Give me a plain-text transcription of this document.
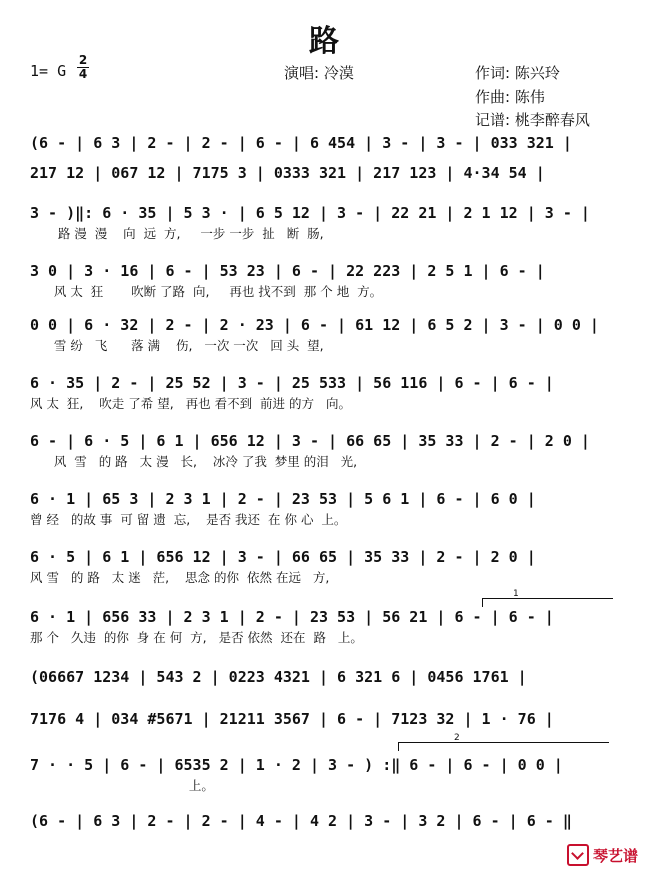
路
1= G
2
4	演唱: 冷漠	作词: 陈兴玲
作曲: 陈伟
记谱: 桃李醉春风
(6 - | 6 3 | 2 - | 2 - | 6 - | 6 454 | 3 - | 3 - | 033 321 |
217 12 | 067 12 | 7175 3 | 0333 321 | 217 123 | 4·34 54 |
3 - )‖: 6 · 35 | 5 3 · | 6 5 12 | 3 - | 22 21 | 2 1 12 | 3 - |
路 漫  漫    向  远  方,     一步 一步  扯   断  肠,
3 0 | 3 · 16 | 6 - | 53 23 | 6 - | 22 223 | 2 5 1 | 6 - |
风 太  狂       吹断 了路  向,     再也 找不到  那 个 地  方。
0 0 | 6 · 32 | 2 - | 2 · 23 | 6 - | 61 12 | 6 5 2 | 3 - | 0 0 |
雪 纷   飞      落 满    伤,   一次 一次   回 头  望,
6 · 35 | 2 - | 25 52 | 3 - | 25 533 | 56 116 | 6 - | 6 - |
风 太  狂,    吹走 了希 望,   再也 看不到  前进 的方   向。
6 - | 6 · 5 | 6 1 | 656 12 | 3 - | 66 65 | 35 33 | 2 - | 2 0 |
风  雪   的 路   太 漫   长,    冰冷 了我  梦里 的泪   光,
6 · 1 | 65 3 | 2 3 1 | 2 - | 23 53 | 5 6 1 | 6 - | 6 0 |
曾 经   的故 事  可 留 遗  忘,    是否 我还  在 你 心  上。
6 · 5 | 6 1 | 656 12 | 3 - | 66 65 | 35 33 | 2 - | 2 0 |
风 雪   的 路   太 迷   茫,    思念 的你  依然 在远   方,
6 · 1 | 656 33 | 2 3 1 | 2 - | 23 53 | 56 21 | 6 - | 6 - |
那 个   久违  的你  身 在 何  方,   是否 依然  还在  路   上。
(06667 1234 | 543 2 | 0223 4321 | 6 321 6 | 0456 1761 |
7176 4 | 034 #5671 | 21211 3567 | 6 - | 7123 32 | 1 · 76 |
7 · · 5 | 6 - | 6535 2 | 1 · 2 | 3 - ) :‖ 6 - | 6 - | 0 0 |
上。
(6 - | 6 3 | 2 - | 2 - | 4 - | 4 2 | 3 - | 3 2 | 6 - | 6 - ‖
1
2
琴艺谱
